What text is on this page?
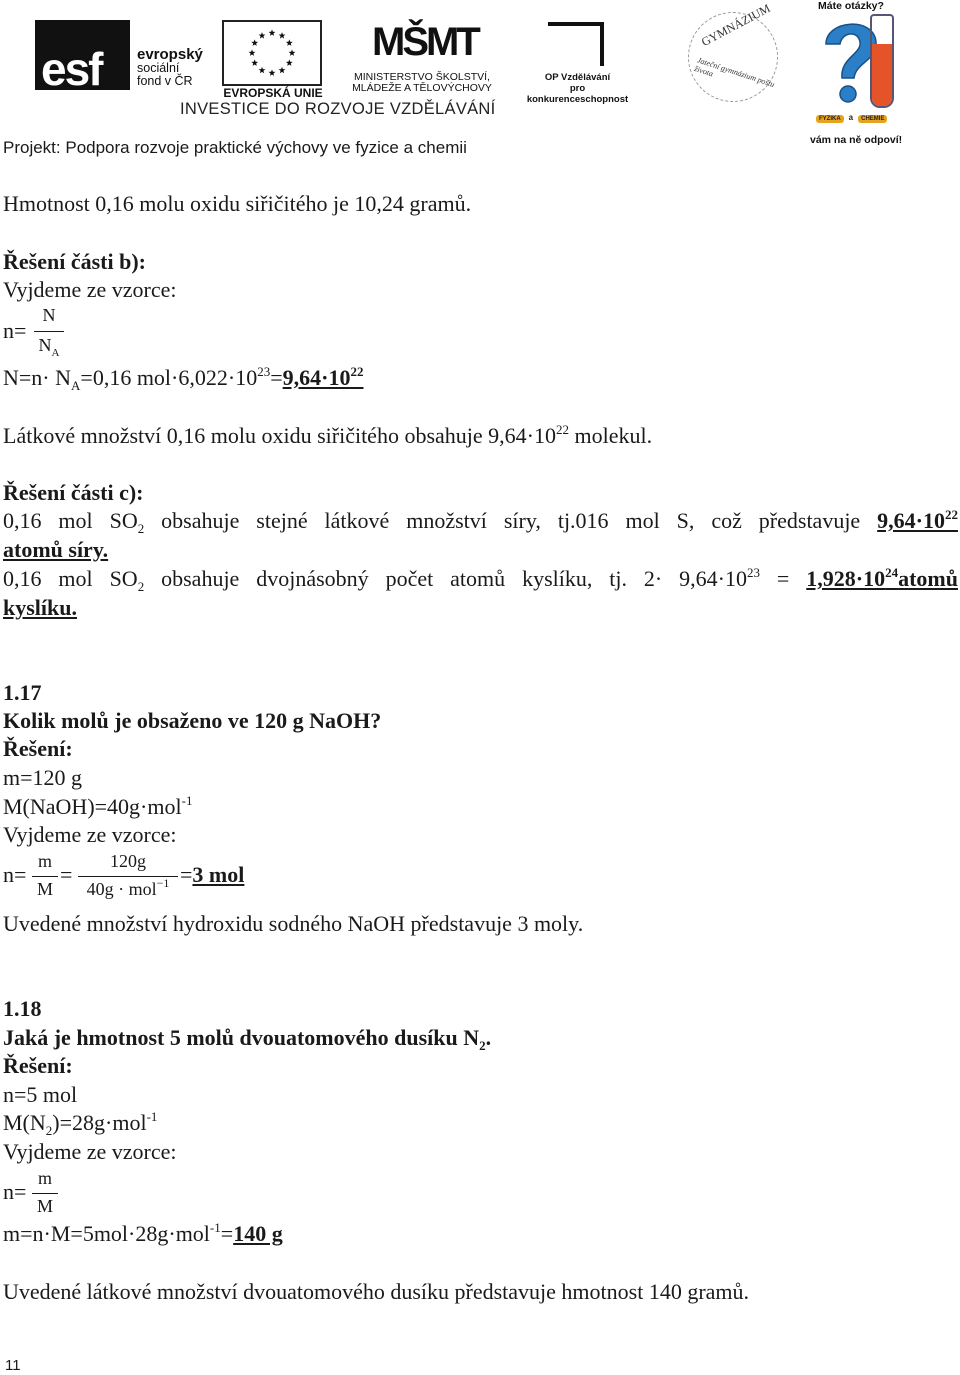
esf evropský
sociální
fond v ČR
EVROPSKÁ UNIE
MŠMT
MINISTERSTVO ŠKOLSTVÍ,
MLÁDEŽE A TĚLOVÝCHOVY
OP Vzdělávání
pro konkurenceschopnost
INVESTICE DO ROZVOJE VZDĚLÁVÁNÍ
GYMNÁZIUM
Jateční gymnázium poštu života
Máte otázky?
FYZIKA a CHEMIE
vám na ně odpoví!
Projekt: Podpora rozvoje praktické výchovy ve fyzice a chemii
Hmotnost 0,16 molu oxidu siřičitého je 10,24 gramů.
Řešení části b):
Vyjdeme ze vzorce:
n=
N
$N_A$
$N=n\cdot N_A=0,16$ $mol\cdot 6,022\cdot 10^{23}=9,64\cdot 10^{22}$
Látkové množství 0,16 molu oxidu siřičitého obsahuje $9,64\cdot 10^{22}$ molekul.
Řešení části c):
0,16 mol $SO_2$ obsahuje stejné látkové množství síry, tj.016 mol S, což představuje $9,64\cdot 10^{22}$
atomů síry.
0,16 mol $SO_2$ obsahuje dvojnásobný počet atomů kyslíku, tj. $2\cdot 9,64\cdot 10^{23}$ = $1,928\cdot 10^{24}atomů$
kyslíku.
1.17
Kolik molů je obsaženo ve 120 g NaOH?
Řešení:
m=120 g
M(NaOH)=40g·mol$^{-1}$
Vyjdeme ze vzorce:
n=
m
M
=
120g
40g · mol$^{-1}$ =3 mol
Uvedené množství hydroxidu sodného NaOH představuje 3 moly.
1.18
Jaká je hmotnost 5 molů dvouatomového dusíku $N_2$.
Řešení:
n=5 mol
$M(N_2)=28g\cdot mol^{-1}$
Vyjdeme ze vzorce:
n=
m
M
m=n·M=5mol·28g·mol$^{-1}$=140 g
Uvedené látkové množství dvouatomového dusíku představuje hmotnost 140 gramů.
11
